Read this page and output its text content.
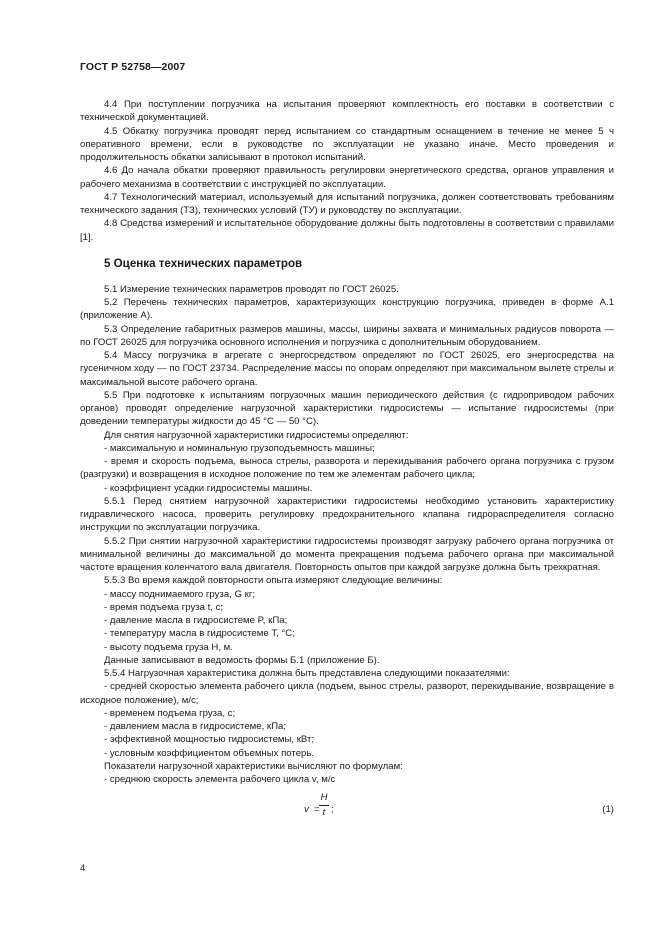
ГОСТ Р 52758—2007

4.4 При поступлении погрузчика на испытания проверяют комплектность его поставки в соответствии с технической документацией.

4.5 Обкатку погрузчика проводят перед испытанием со стандартным оснащением в течение не менее 5 ч оперативного времени, если в руководстве по эксплуатации не указано иначе. Место проведения и продолжительность обкатки записывают в протокол испытаний.

4.6 До начала обкатки проверяют правильность регулировки энергетического средства, органов управления и рабочего механизма в соответствии с инструкцией по эксплуатации.

4.7 Технологический материал, используемый для испытаний погрузчика, должен соответствовать требованиям технического задания (ТЗ), технических условий (ТУ) и руководству по эксплуатации.

4.8 Средства измерений и испытательное оборудование должны быть подготовлены в соответствии с правилами [1].

5 Оценка технических параметров

5.1 Измерение технических параметров проводят по ГОСТ 26025.

5.2 Перечень технических параметров, характеризующих конструкцию погрузчика, приведен в форме А.1 (приложение А).

5.3 Определение габаритных размеров машины, массы, ширины захвата и минимальных радиусов поворота — по ГОСТ 26025 для погрузчика основного исполнения и погрузчика с дополнительным оборудованием.

5.4 Массу погрузчика в агрегате с энергосредством определяют по ГОСТ 26025, его энергосредства на гусеничном ходу — по ГОСТ 23734. Распределение массы по опорам определяют при максимальном вылете стрелы и максимальной высоте рабочего органа.

5.5 При подготовке к испытаниям погрузочных машин периодического действия (с гидроприводом рабочих органов) проводят определение нагрузочной характеристики гидросистемы — испытание гидросистемы (при доведении температуры жидкости до 45 °С — 50 °С).

Для снятия нагрузочной характеристики гидросистемы определяют:

- максимальную и номинальную грузоподъемность машины;

- время и скорость подъема, выноса стрелы, разворота и перекидывания рабочего органа погрузчика с грузом (разгрузки) и возвращения в исходное положение по тем же элементам рабочего цикла;

- коэффициент усадки гидросистемы машины.

5.5.1 Перед снятием нагрузочной характеристики гидросистемы необходимо установить характеристику гидравлического насоса, проверить регулировку предохранительного клапана гидрораспределителя согласно инструкции по эксплуатации погрузчика.

5.5.2 При снятии нагрузочной характеристики гидросистемы производят загрузку рабочего органа погрузчика от минимальной величины до максимальной до момента прекращения подъема рабочего органа при максимальной частоте вращения коленчатого вала двигателя. Повторность опытов при каждой загрузке должна быть трехкратная.

5.5.3 Во время каждой повторности опыта измеряют следующие величины:

- массу поднимаемого груза, G кг;

- время подъема груза t, с;

- давление масла в гидросистеме P, кПа;

- температуру масла в гидросистеме T, °С;

- высоту подъема груза H, м.

Данные записывают в ведомость формы Б.1 (приложение Б).

5.5.4 Нагрузочная характеристика должна быть представлена следующими показателями:

- средней скоростью элемента рабочего цикла (подъем, вынос стрелы, разворот, перекидывание, возвращение в исходное положение), м/с;

- временем подъема груза, с;

- давлением масла в гидросистеме, кПа;

- эффективной мощностью гидросистемы, кВт;

- условным коэффициентом объемных потерь.

Показатели нагрузочной характеристики вычисляют по формулам:

- среднюю скорость элемента рабочего цикла v, м/с

v =
H
t ;	(1)
4
